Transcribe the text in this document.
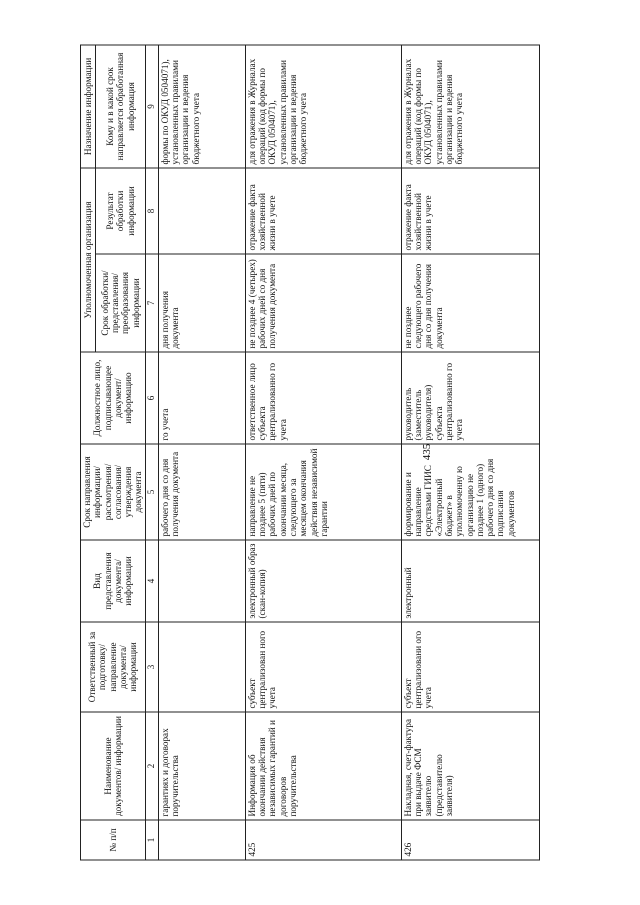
435
№ п/п	Наименование документов/ информации	Ответственный за подготовку/ направление документа/ информации	Вид представления документа/ информации	Срок направления информации/ рассмотрения/ согласования/ утверждения документа	Должностное лицо, подписывающее документ/ информацию	Уполномоченная организация		Назначение информации
						Срок обработки/ представления/ преобразования информации	Результат обработки информации	Кому и в какой срок направляется обработанная информация
1	2	3	4	5	6	7	8	9
	гарантиях и договорах поручительства			рабочего дня со дня получения документа	го учета	дня получения документа		формы по ОКУД 0504071), установленных правилами организации и ведения бюджетного учета
425	Информация об окончании действия независимых гарантий и договоров поручительства	субъект централизован ного учета	электронный образ (скан-копия)	направление не позднее 5 (пяти) рабочих дней по окончании месяца, следующего за месяцем окончания действия независимой гарантии	ответственное лицо субъекта централизованно го учета	не позднее 4 (четырех) рабочих дней со дня получения документа	отражение факта хозяйственной жизни в учете	для отражения в Журналах операций (код формы по ОКУД 0504071), установленных правилами организации и ведения бюджетного учета
426	Накладная, счет-фактура при выдаче ФСМ заявителю (представителю заявителя)	субъект централизовани ого учета	электронный	формирование и направление средствами ГИИС «Электронный бюджет» в уполномоченну ю организацию не позднее 1 (одного) рабочего дня со дня подписания документов	руководитель (заместитель руководителя) субъекта централизованно го учета	не позднее следующего рабочего дня со дня получения документа	отражение факта хозяйственной жизни в учете	для отражения в Журналах операций (код формы по ОКУД 0504071), установленных правилами организации и ведения бюджетного учета
